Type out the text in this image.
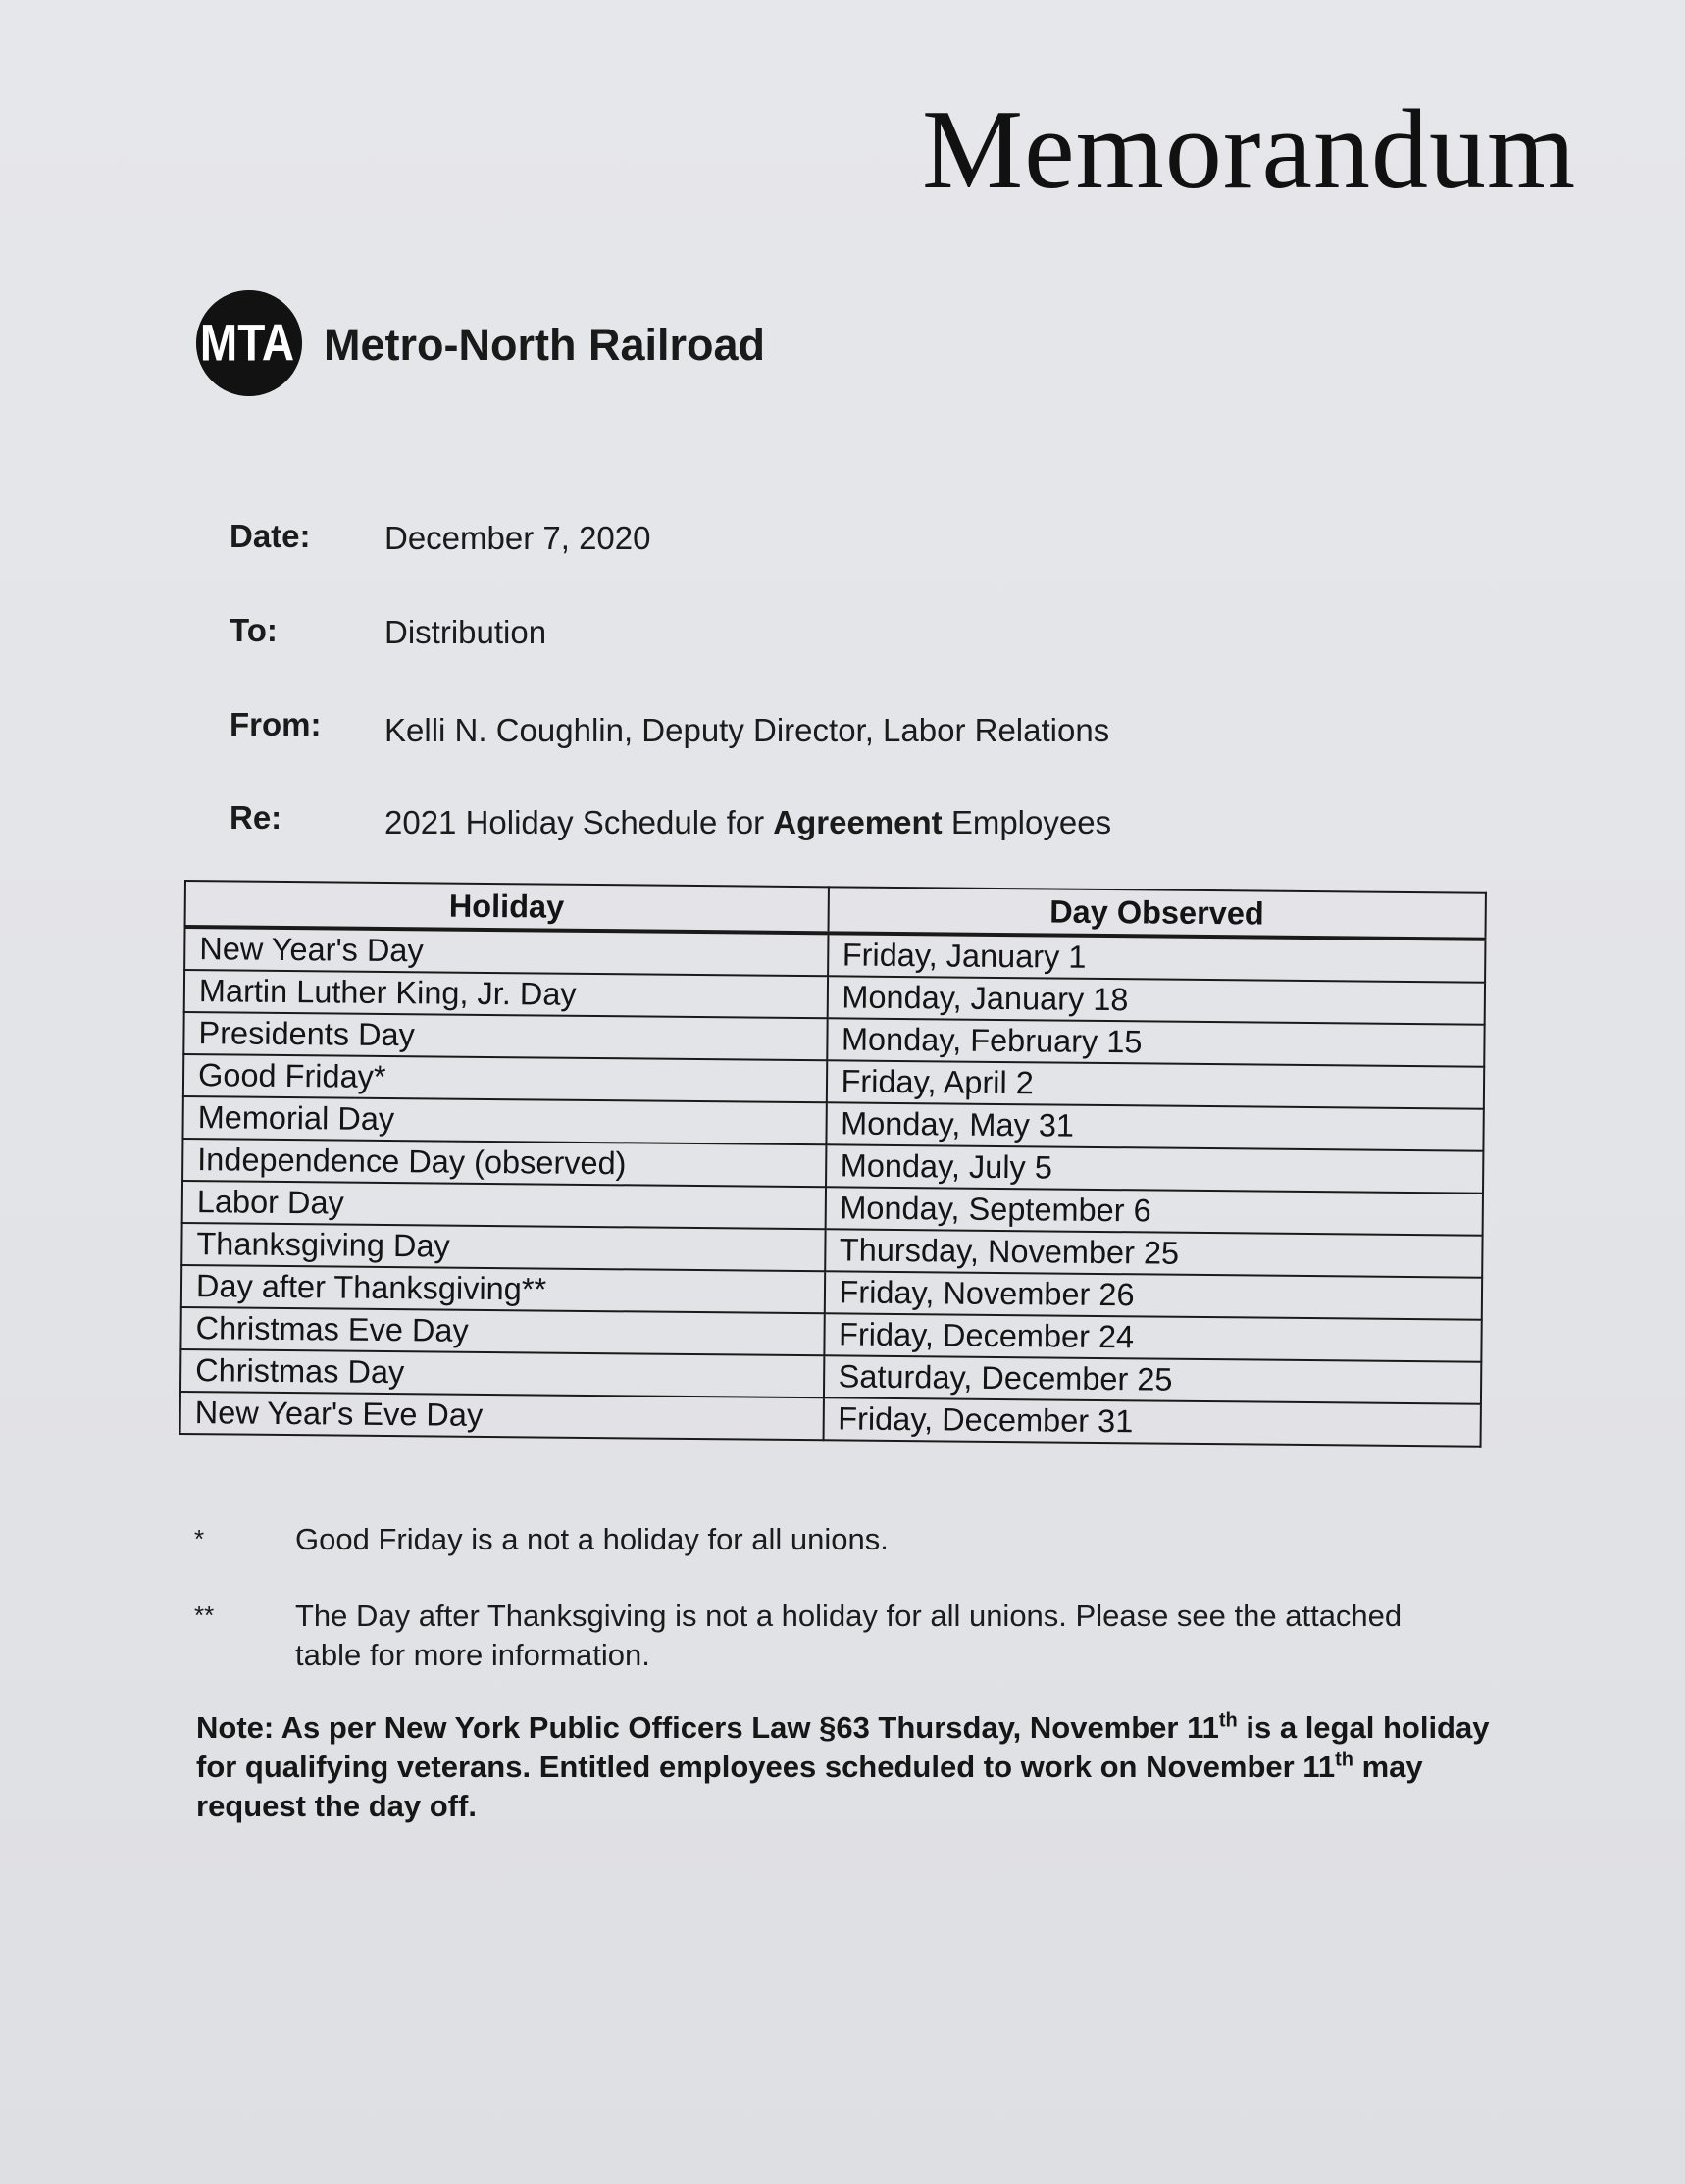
Memorandum
MTA Metro-North Railroad
Date: December 7, 2020
To:	Distribution
From: Kelli N. Coughlin, Deputy Director, Labor Relations
Re:	2021 Holiday Schedule for Agreement Employees
Holiday	Day Observed
New Year's Day	Friday, January 1
Martin Luther King, Jr. Day	Monday, January 18
Presidents Day	Monday, February 15
Good Friday*	Friday, April 2
Memorial Day	Monday, May 31
Independence Day (observed)	Monday, July 5
Labor Day	Monday, September 6
Thanksgiving Day	Thursday, November 25
Day after Thanksgiving**	Friday, November 26
Christmas Eve Day	Friday, December 24
Christmas Day	Saturday, December 25
New Year's Eve Day	Friday, December 31
*	Good Friday is a not a holiday for all unions.
**	The Day after Thanksgiving is not a holiday for all unions. Please see the attached table for more information.
Note: As per New York Public Officers Law §63 Thursday, November 11th is a legal holiday for qualifying veterans. Entitled employees scheduled to work on November 11th may request the day off.
